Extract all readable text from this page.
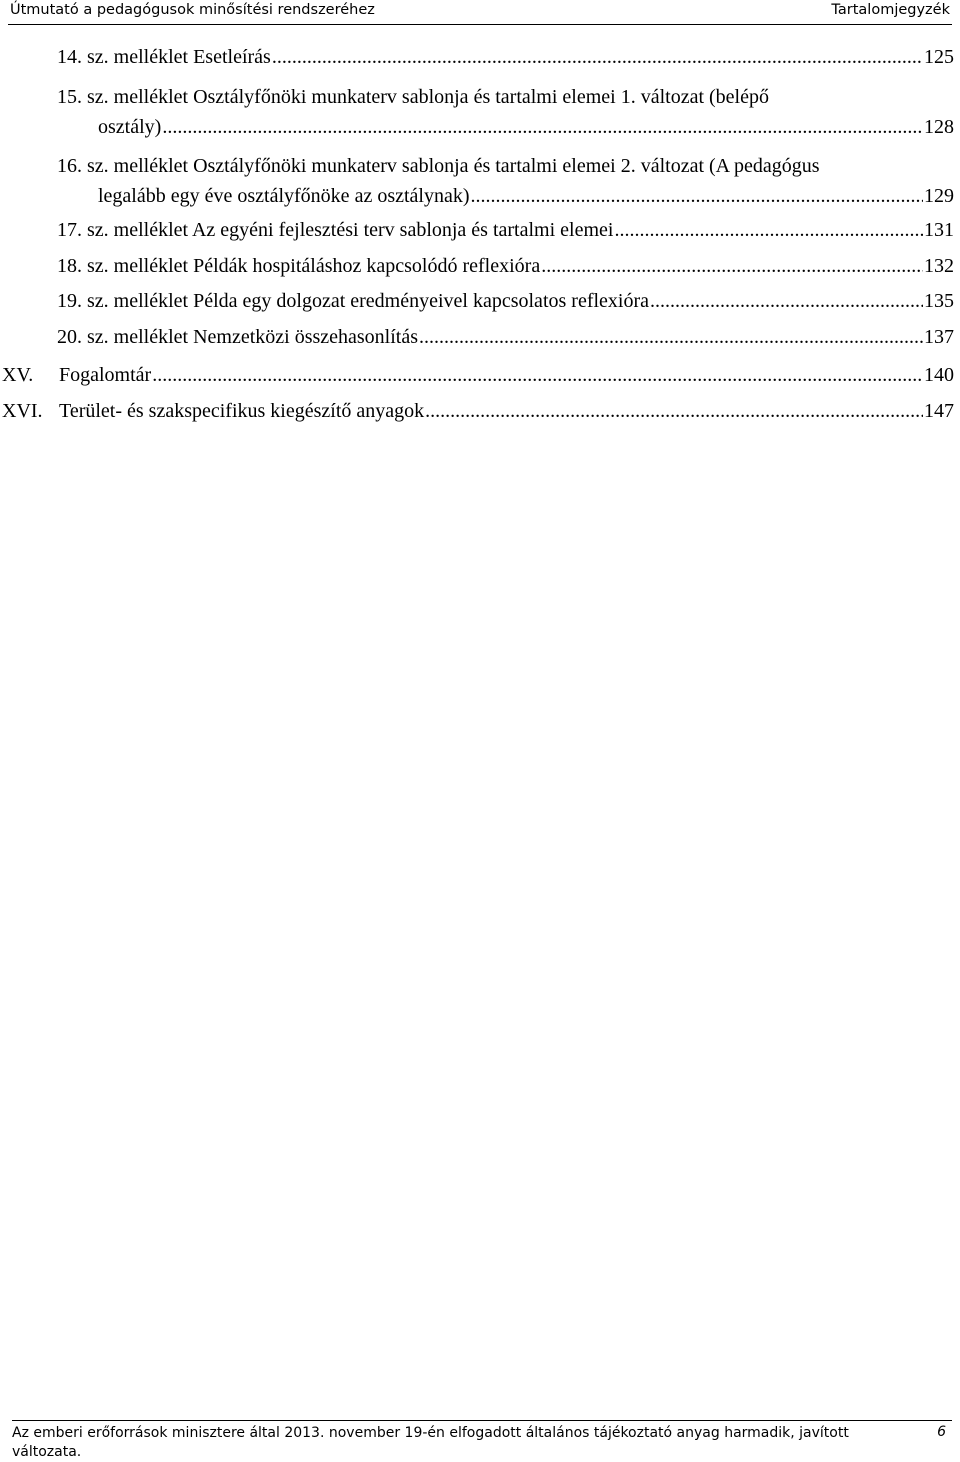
Útmutató a pedagógusok minősítési rendszeréhez	Tartalomjegyzék
14. sz. melléklet Esetleírás .....	125
15. sz. melléklet Osztályfőnöki munkaterv sablonja és tartalmi elemei 1. változat (belépő
osztály) .....	128
16. sz. melléklet Osztályfőnöki munkaterv sablonja és tartalmi elemei 2. változat (A pedagógus
legalább egy éve osztályfőnöke az osztálynak) .....	129
17. sz. melléklet Az egyéni fejlesztési terv sablonja és tartalmi elemei .....	131
18. sz. melléklet Példák hospitáláshoz kapcsolódó reflexióra .....	132
19. sz. melléklet Példa egy dolgozat eredményeivel kapcsolatos reflexióra .....	135
20. sz. melléklet Nemzetközi összehasonlítás .....	137
XV. Fogalomtár .....	140
XVI. Terület- és szakspecifikus kiegészítő anyagok .....	147
Az emberi erőforrások minisztere által 2013. november 19-én elfogadott általános tájékoztató anyag harmadik, javított változata.
6
